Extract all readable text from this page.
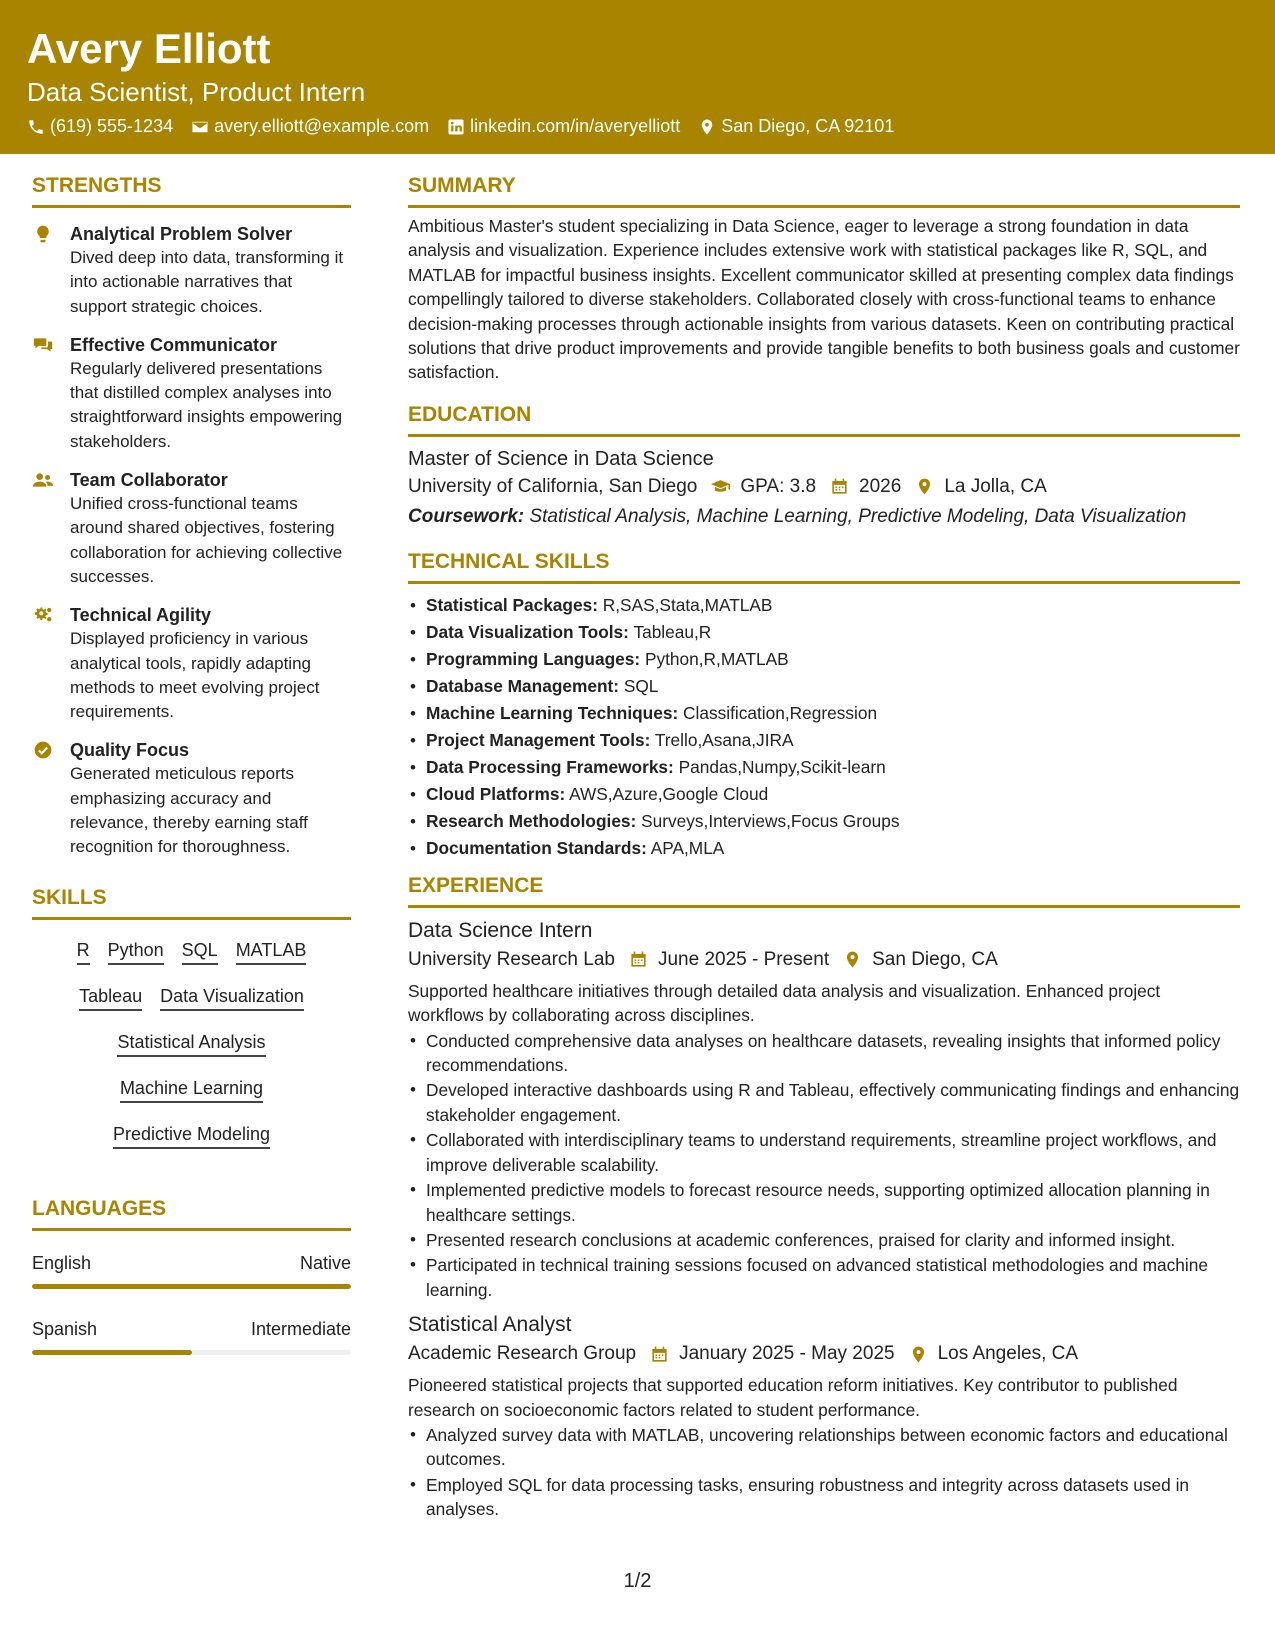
Avery Elliott
Data Scientist, Product Intern
(619) 555-1234 avery.elliott@example.com linkedin.com/in/averyelliott San Diego, CA 92101
STRENGTHS
Analytical Problem Solver
Dived deep into data, transforming it into actionable narratives that support strategic choices.
Effective Communicator
Regularly delivered presentations that distilled complex analyses into straightforward insights empowering stakeholders.
Team Collaborator
Unified cross-functional teams around shared objectives, fostering collaboration for achieving collective successes.
Technical Agility
Displayed proficiency in various analytical tools, rapidly adapting methods to meet evolving project requirements.
Quality Focus
Generated meticulous reports emphasizing accuracy and relevance, thereby earning staff recognition for thoroughness.
SKILLS
R Python SQL MATLAB
Tableau Data Visualization
Statistical Analysis
Machine Learning
Predictive Modeling
LANGUAGES
English	Native
Spanish	Intermediate
SUMMARY
Ambitious Master's student specializing in Data Science, eager to leverage a strong foundation in data analysis and visualization. Experience includes extensive work with statistical packages like R, SQL, and MATLAB for impactful business insights. Excellent communicator skilled at presenting complex data findings compellingly tailored to diverse stakeholders. Collaborated closely with cross-functional teams to enhance decision-making processes through actionable insights from various datasets. Keen on contributing practical solutions that drive product improvements and provide tangible benefits to both business goals and customer satisfaction.
EDUCATION
Master of Science in Data Science
University of California, San Diego GPA: 3.8 2026 La Jolla, CA
Coursework: Statistical Analysis, Machine Learning, Predictive Modeling, Data Visualization
TECHNICAL SKILLS
• Statistical Packages: R,SAS,Stata,MATLAB
• Data Visualization Tools: Tableau,R
• Programming Languages: Python,R,MATLAB
• Database Management: SQL
• Machine Learning Techniques: Classification,Regression
• Project Management Tools: Trello,Asana,JIRA
• Data Processing Frameworks: Pandas,Numpy,Scikit-learn
• Cloud Platforms: AWS,Azure,Google Cloud
• Research Methodologies: Surveys,Interviews,Focus Groups
• Documentation Standards: APA,MLA
EXPERIENCE
Data Science Intern
University Research Lab June 2025 - Present San Diego, CA
Supported healthcare initiatives through detailed data analysis and visualization. Enhanced project workflows by collaborating across disciplines.
• Conducted comprehensive data analyses on healthcare datasets, revealing insights that informed policy recommendations.
• Developed interactive dashboards using R and Tableau, effectively communicating findings and enhancing stakeholder engagement.
• Collaborated with interdisciplinary teams to understand requirements, streamline project workflows, and improve deliverable scalability.
• Implemented predictive models to forecast resource needs, supporting optimized allocation planning in healthcare settings.
• Presented research conclusions at academic conferences, praised for clarity and informed insight.
• Participated in technical training sessions focused on advanced statistical methodologies and machine learning.
Statistical Analyst
Academic Research Group January 2025 - May 2025 Los Angeles, CA
Pioneered statistical projects that supported education reform initiatives. Key contributor to published research on socioeconomic factors related to student performance.
• Analyzed survey data with MATLAB, uncovering relationships between economic factors and educational outcomes.
• Employed SQL for data processing tasks, ensuring robustness and integrity across datasets used in analyses.
1/2
